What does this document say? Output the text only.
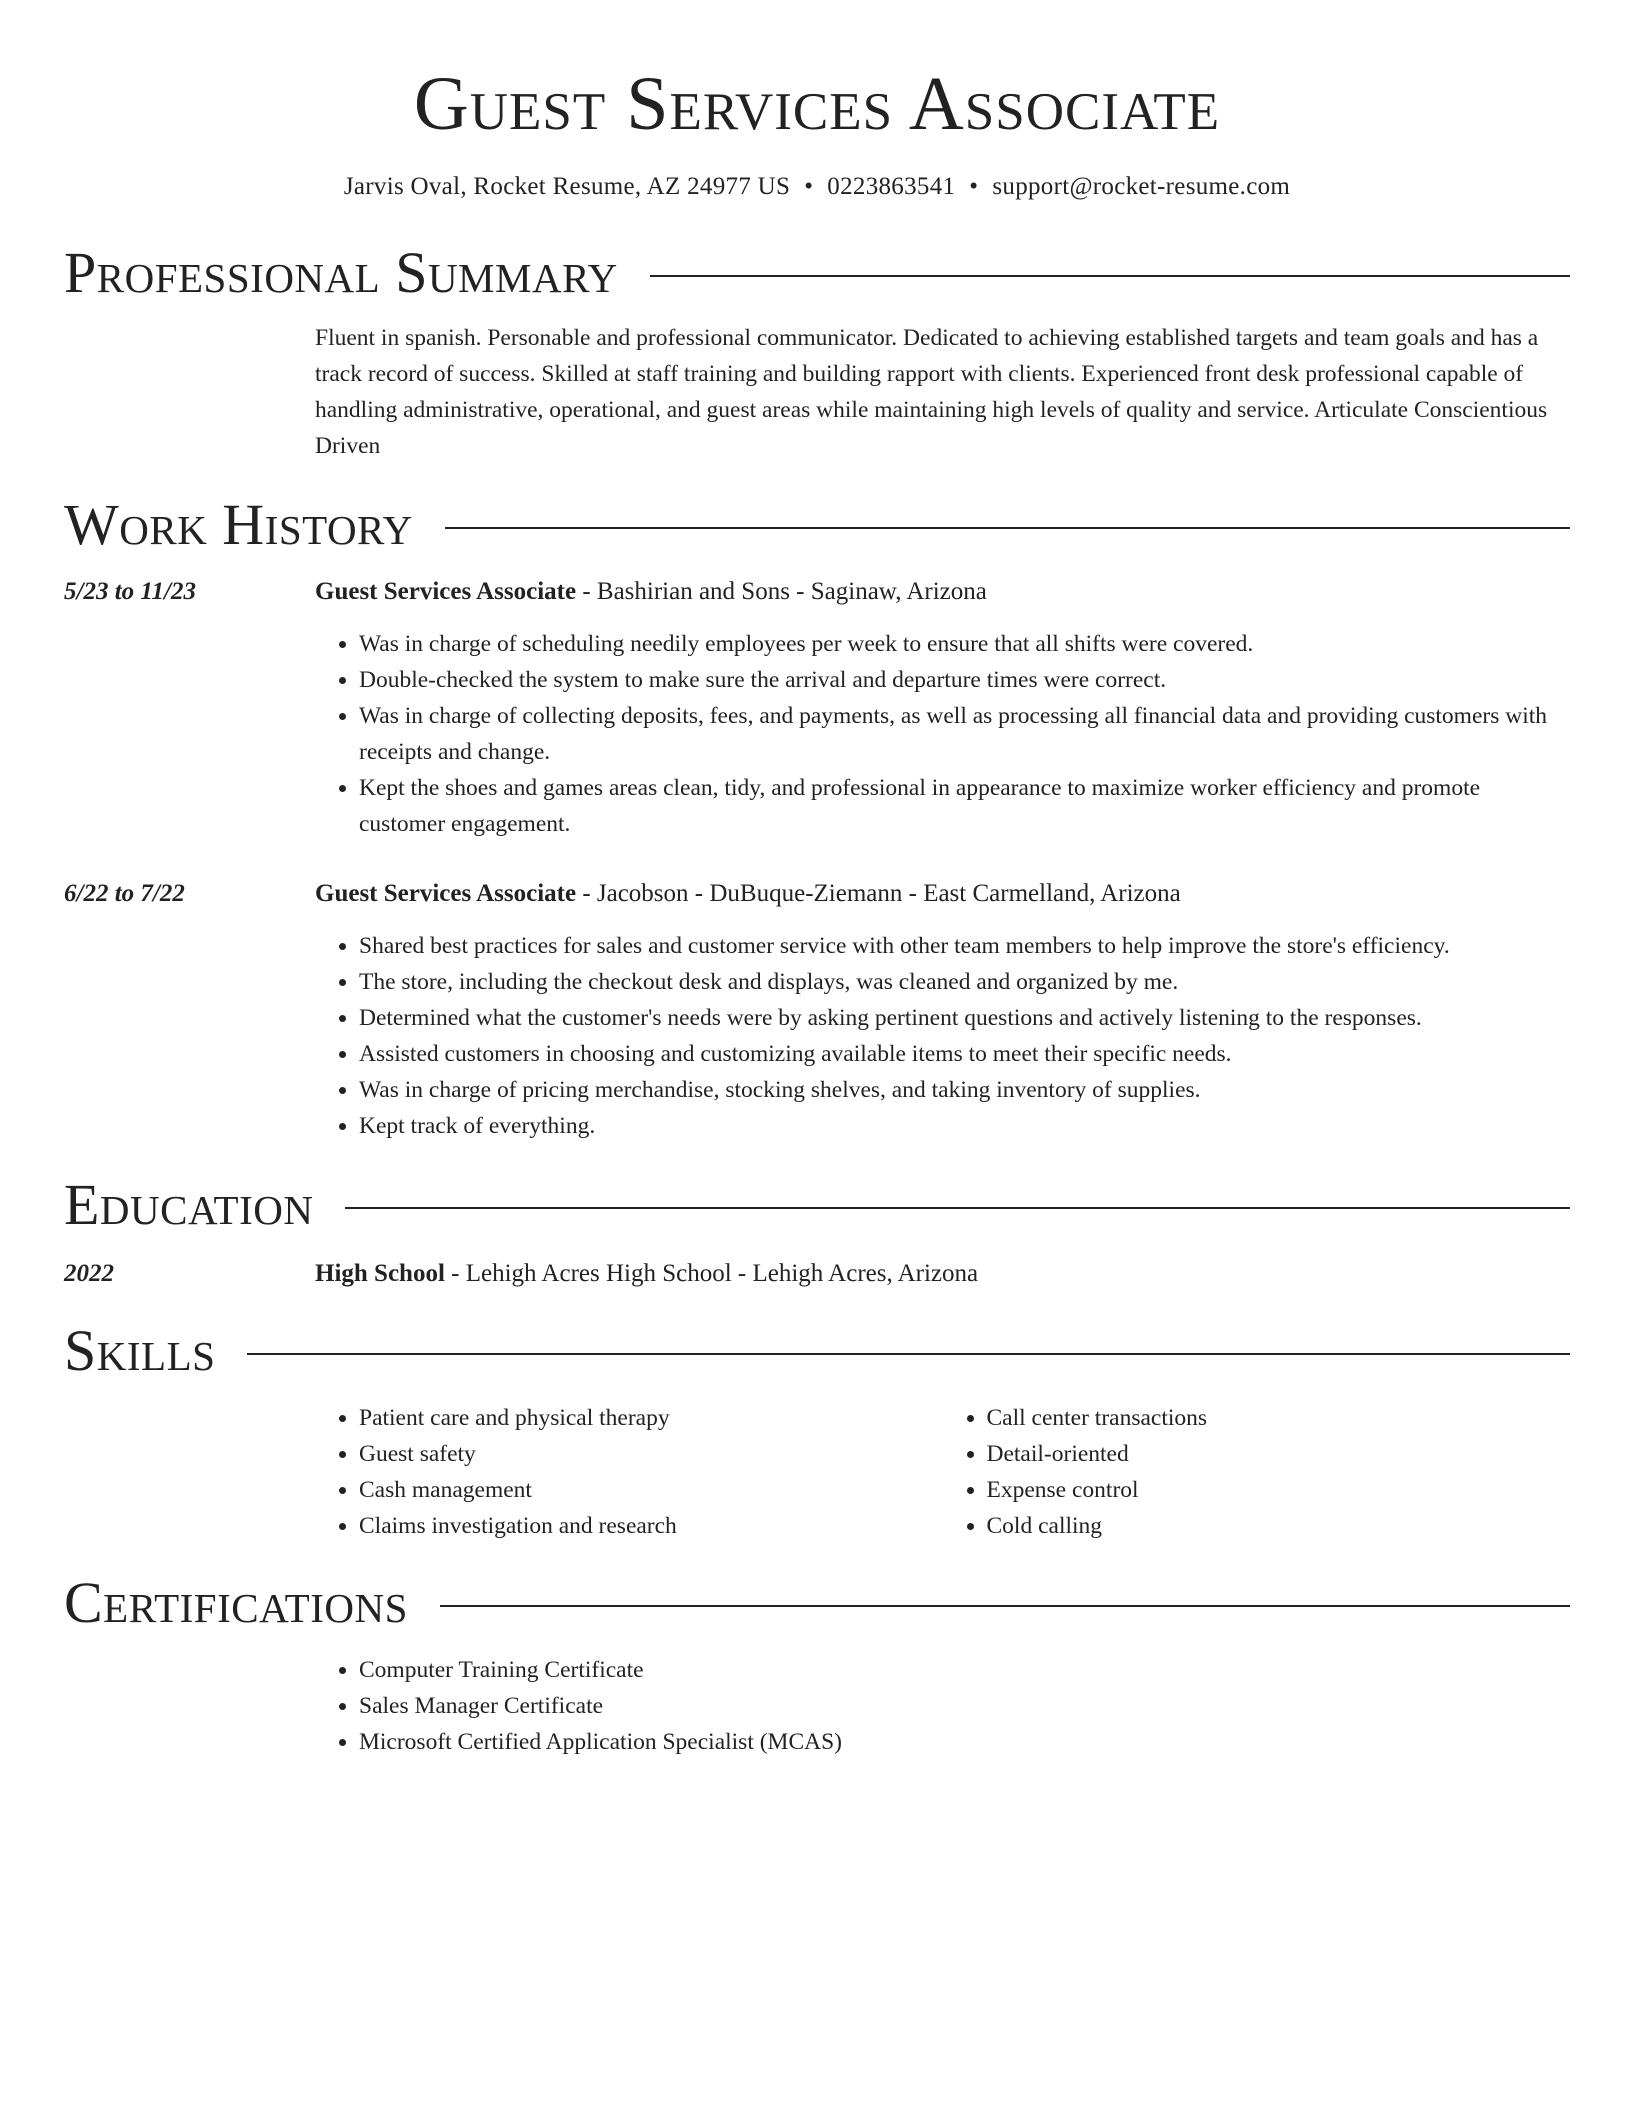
Guest Services Associate
Jarvis Oval, Rocket Resume, AZ 24977 US • 0223863541 • support@rocket-resume.com
Professional Summary
Fluent in spanish. Personable and professional communicator. Dedicated to achieving established targets and team goals and has a track record of success. Skilled at staff training and building rapport with clients. Experienced front desk professional capable of handling administrative, operational, and guest areas while maintaining high levels of quality and service. Articulate Conscientious Driven
Work History
5/23 to 11/23	Guest Services Associate - Bashirian and Sons - Saginaw, Arizona
• Was in charge of scheduling needily employees per week to ensure that all shifts were covered.
• Double-checked the system to make sure the arrival and departure times were correct.
• Was in charge of collecting deposits, fees, and payments, as well as processing all financial data and providing customers with receipts and change.
• Kept the shoes and games areas clean, tidy, and professional in appearance to maximize worker efficiency and promote customer engagement.
6/22 to 7/22	Guest Services Associate - Jacobson - DuBuque-Ziemann - East Carmelland, Arizona
• Shared best practices for sales and customer service with other team members to help improve the store's efficiency.
• The store, including the checkout desk and displays, was cleaned and organized by me.
• Determined what the customer's needs were by asking pertinent questions and actively listening to the responses.
• Assisted customers in choosing and customizing available items to meet their specific needs.
• Was in charge of pricing merchandise, stocking shelves, and taking inventory of supplies.
• Kept track of everything.
Education
2022	High School - Lehigh Acres High School - Lehigh Acres, Arizona
Skills
• Patient care and physical therapy
• Guest safety
• Cash management
• Claims investigation and research
• Call center transactions
• Detail-oriented
• Expense control
• Cold calling
Certifications
• Computer Training Certificate
• Sales Manager Certificate
• Microsoft Certified Application Specialist (MCAS)
